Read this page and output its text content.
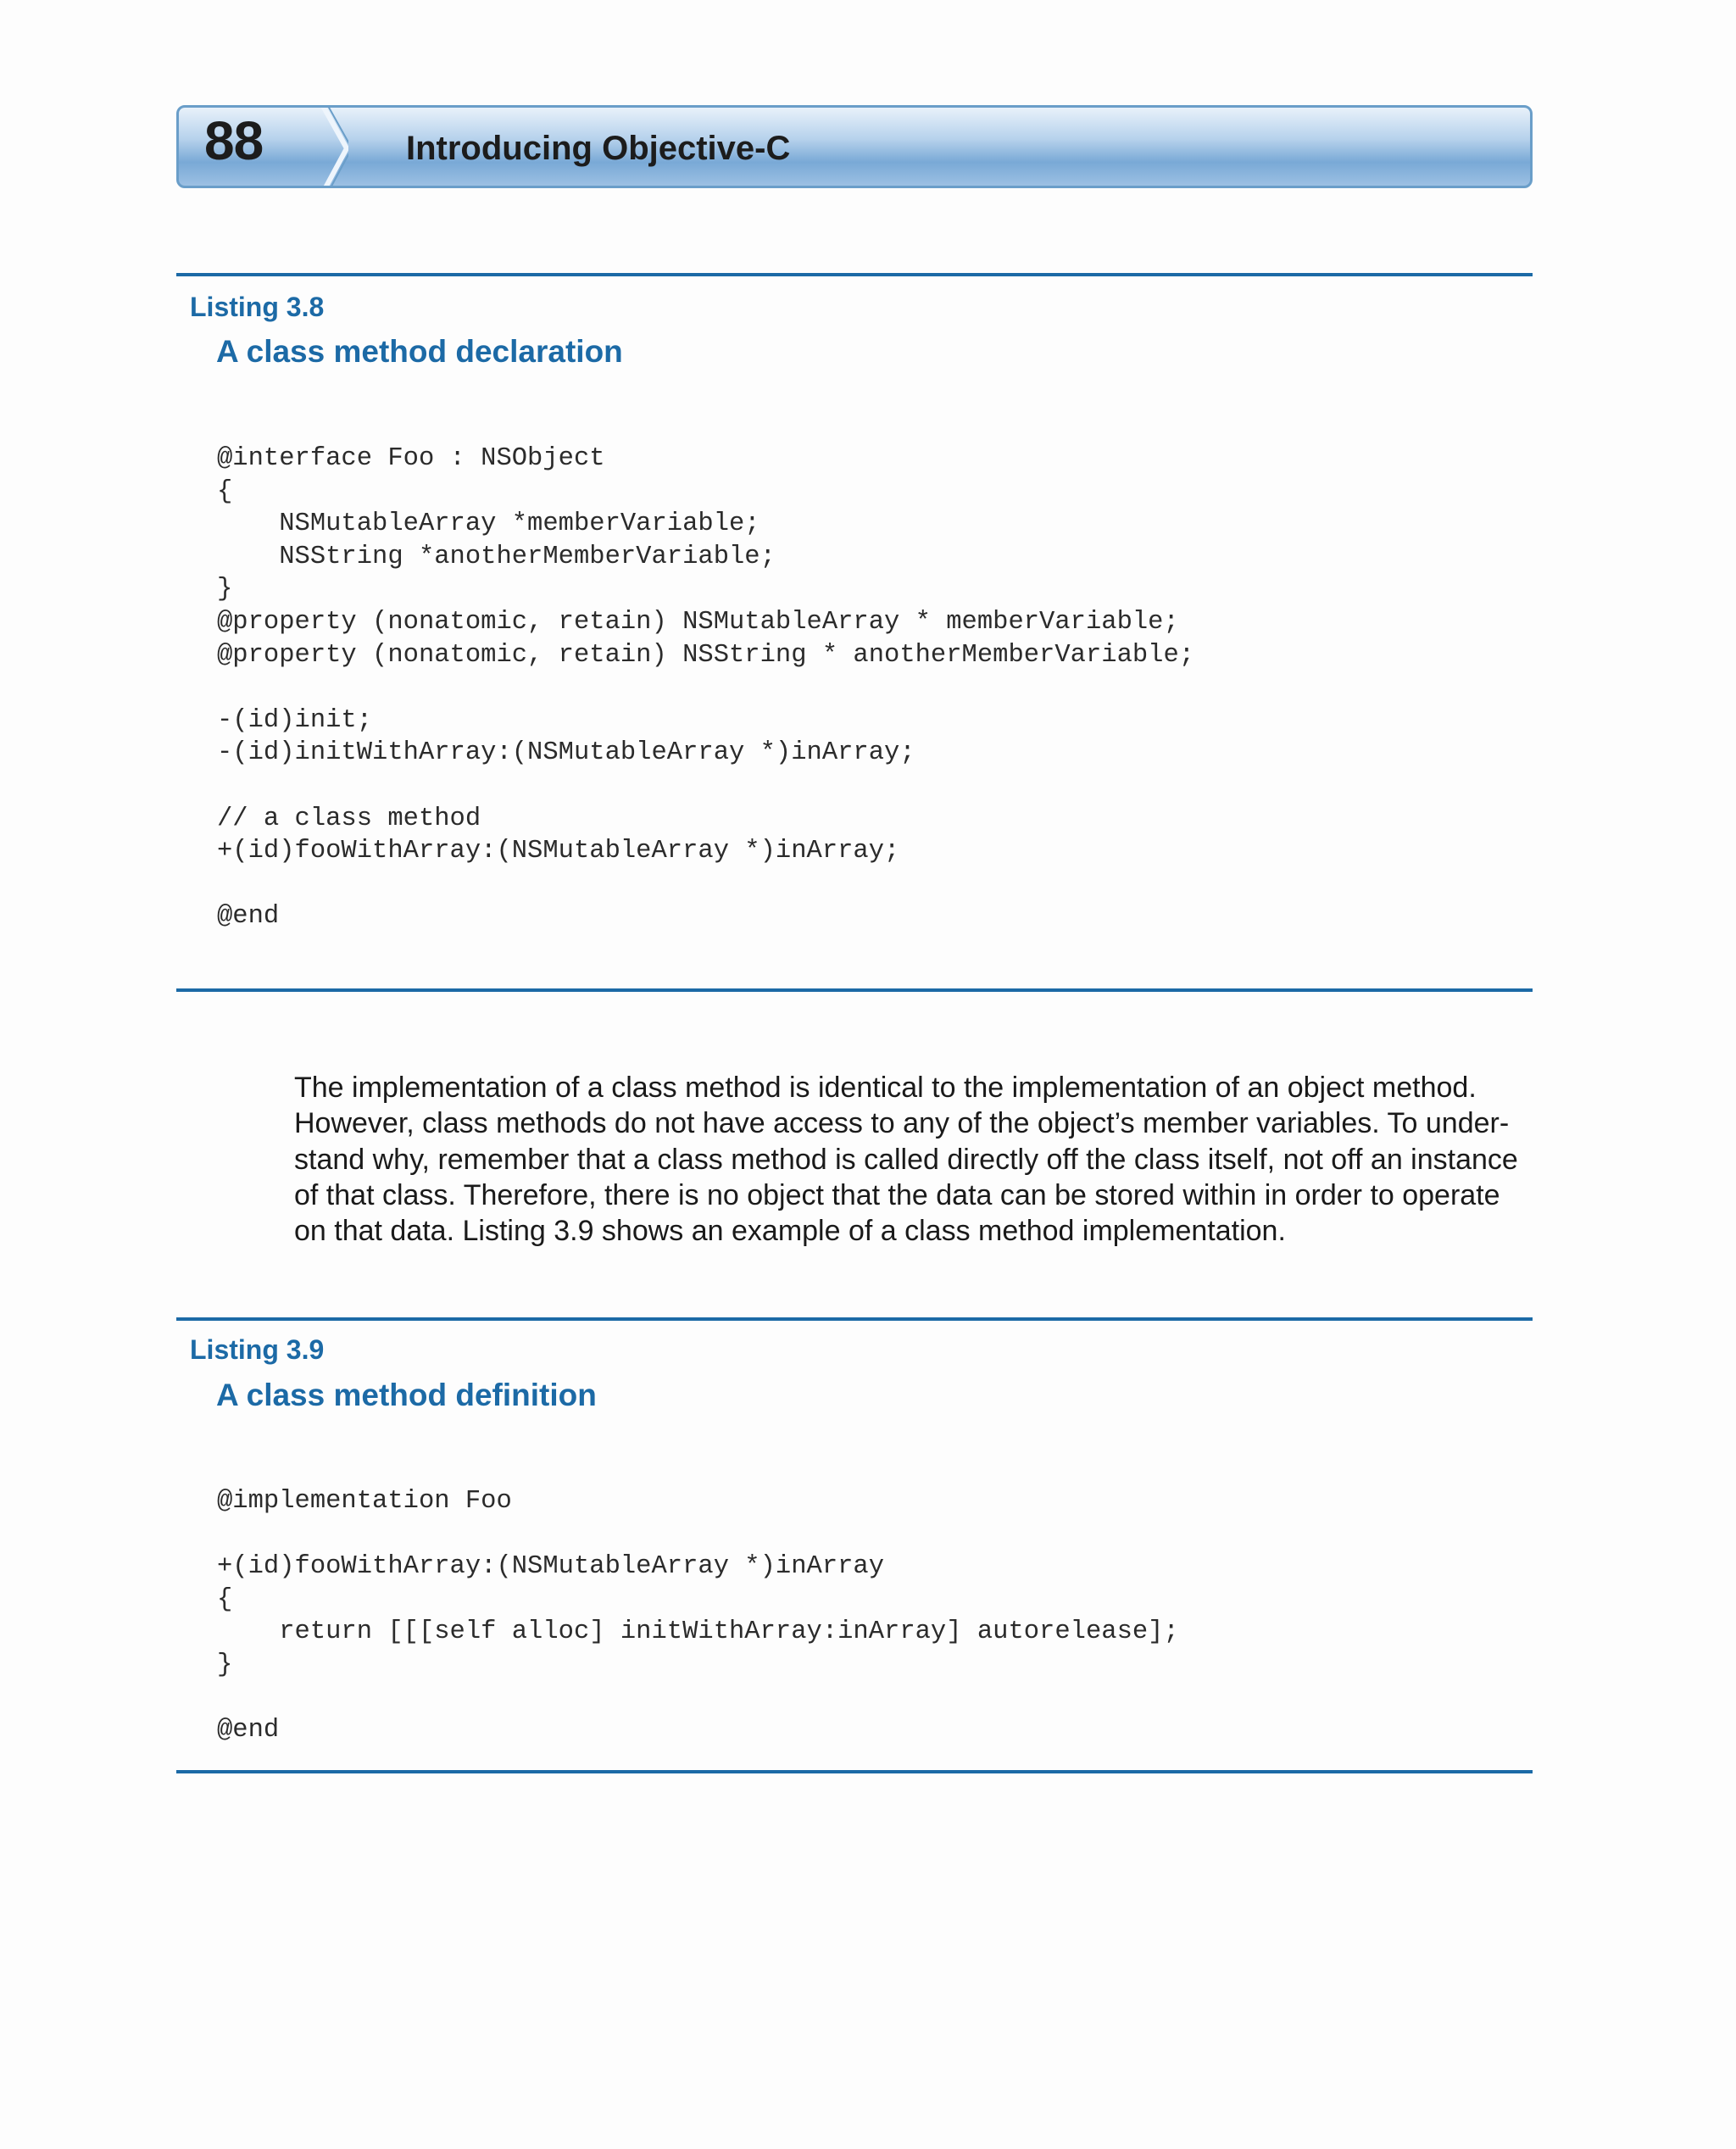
88	Introducing Objective-C
Listing 3.8
A class method declaration
@interface Foo : NSObject
{
NSMutableArray *memberVariable;
NSString *anotherMemberVariable;
}
@property (nonatomic, retain) NSMutableArray * memberVariable;
@property (nonatomic, retain) NSString * anotherMemberVariable;

-(id)init;
-(id)initWithArray:(NSMutableArray *)inArray;

// a class method
+(id)fooWithArray:(NSMutableArray *)inArray;

@end
The implementation of a class method is identical to the implementation of an object method.
However, class methods do not have access to any of the object’s member variables. To under-
stand why, remember that a class method is called directly off the class itself, not off an instance
of that class. Therefore, there is no object that the data can be stored within in order to operate
on that data. Listing 3.9 shows an example of a class method implementation.
Listing 3.9
A class method definition
@implementation Foo

+(id)fooWithArray:(NSMutableArray *)inArray
{
return [[[self alloc] initWithArray:inArray] autorelease];
}

@end
